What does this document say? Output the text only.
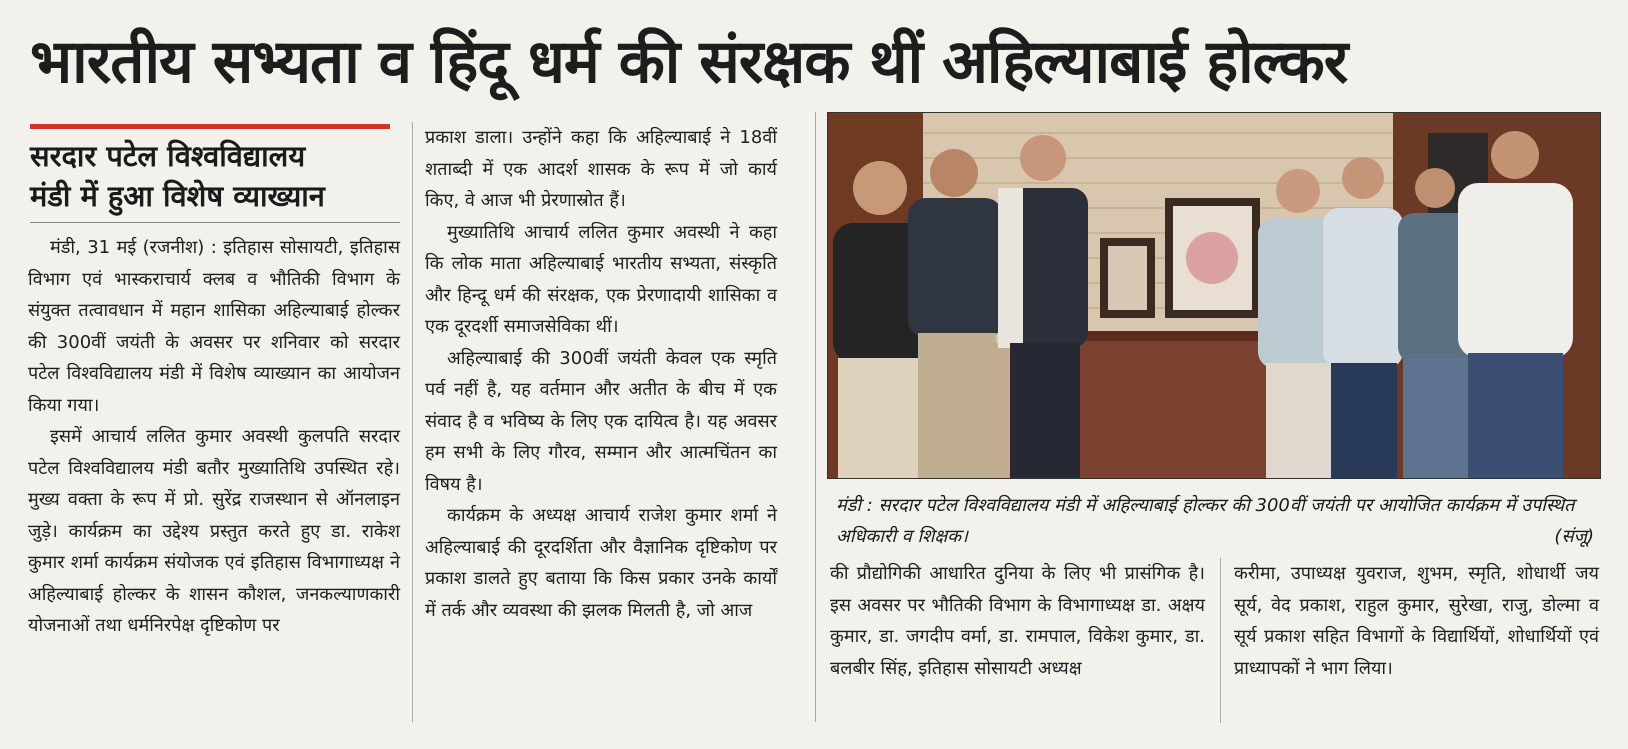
भारतीय सभ्यता व हिंदू धर्म की संरक्षक थीं अहिल्याबाई होल्कर
सरदार पटेल विश्वविद्यालय
मंडी में हुआ विशेष व्याख्यान

मंडी, 31 मई (रजनीश) : इतिहास सोसायटी, इतिहास विभाग एवं भास्कराचार्य क्लब व भौतिकी विभाग के संयुक्त तत्वावधान में महान शासिका अहिल्याबाई होल्कर की 300वीं जयंती के अवसर पर शनिवार को सरदार पटेल विश्वविद्यालय मंडी में विशेष व्याख्यान का आयोजन किया गया।

इसमें आचार्य ललित कुमार अवस्थी कुलपति सरदार पटेल विश्वविद्यालय मंडी बतौर मुख्यातिथि उपस्थित रहे। मुख्य वक्ता के रूप में प्रो. सुरेंद्र राजस्थान से ऑनलाइन जुड़े। कार्यक्रम का उद्देश्य प्रस्तुत करते हुए डा. राकेश कुमार शर्मा कार्यक्रम संयोजक एवं इतिहास विभागाध्यक्ष ने अहिल्याबाई होल्कर के शासन कौशल, जनकल्याणकारी योजनाओं तथा धर्मनिरपेक्ष दृष्टिकोण पर

प्रकाश डाला। उन्होंने कहा कि अहिल्याबाई ने 18वीं शताब्दी में एक आदर्श शासक के रूप में जो कार्य किए, वे आज भी प्रेरणास्रोत हैं।

मुख्यातिथि आचार्य ललित कुमार अवस्थी ने कहा कि लोक माता अहिल्याबाई भारतीय सभ्यता, संस्कृति और हिन्दू धर्म की संरक्षक, एक प्रेरणादायी शासिका व एक दूरदर्शी समाजसेविका थीं।

अहिल्याबाई की 300वीं जयंती केवल एक स्मृति पर्व नहीं है, यह वर्तमान और अतीत के बीच में एक संवाद है व भविष्य के लिए एक दायित्व है। यह अवसर हम सभी के लिए गौरव, सम्मान और आत्मचिंतन का विषय है।

कार्यक्रम के अध्यक्ष आचार्य राजेश कुमार शर्मा ने अहिल्याबाई की दूरदर्शिता और वैज्ञानिक दृष्टिकोण पर प्रकाश डालते हुए बताया कि किस प्रकार उनके कार्यों में तर्क और व्यवस्था की झलक मिलती है, जो आज

मंडी : सरदार पटेल विश्वविद्यालय मंडी में अहिल्याबाई होल्कर की 300वीं जयंती पर आयोजित कार्यक्रम में उपस्थित अधिकारी व शिक्षक।	(संजू)

की प्रौद्योगिकी आधारित दुनिया के लिए भी प्रासंगिक है। इस अवसर पर भौतिकी विभाग के विभागाध्यक्ष डा. अक्षय कुमार, डा. जगदीप वर्मा, डा. रामपाल, विकेश कुमार, डा. बलबीर सिंह, इतिहास सोसायटी अध्यक्ष

करीमा, उपाध्यक्ष युवराज, शुभम, स्मृति, शोधार्थी जय सूर्य, वेद प्रकाश, राहुल कुमार, सुरेखा, राजु, डोल्मा व सूर्य प्रकाश सहित विभागों के विद्यार्थियों, शोधार्थियों एवं प्राध्यापकों ने भाग लिया।
